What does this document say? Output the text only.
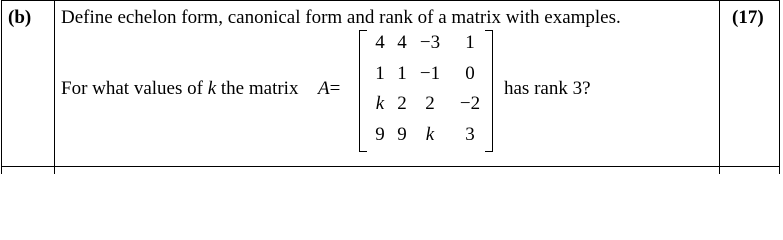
(b)	(17)
Define echelon form, canonical form and rank of a matrix with examples.
For what values of k the matrix A=
4 4 −3	1
1 1 −1	0
k 2 2	−2
9 9	k	3
has rank 3?
